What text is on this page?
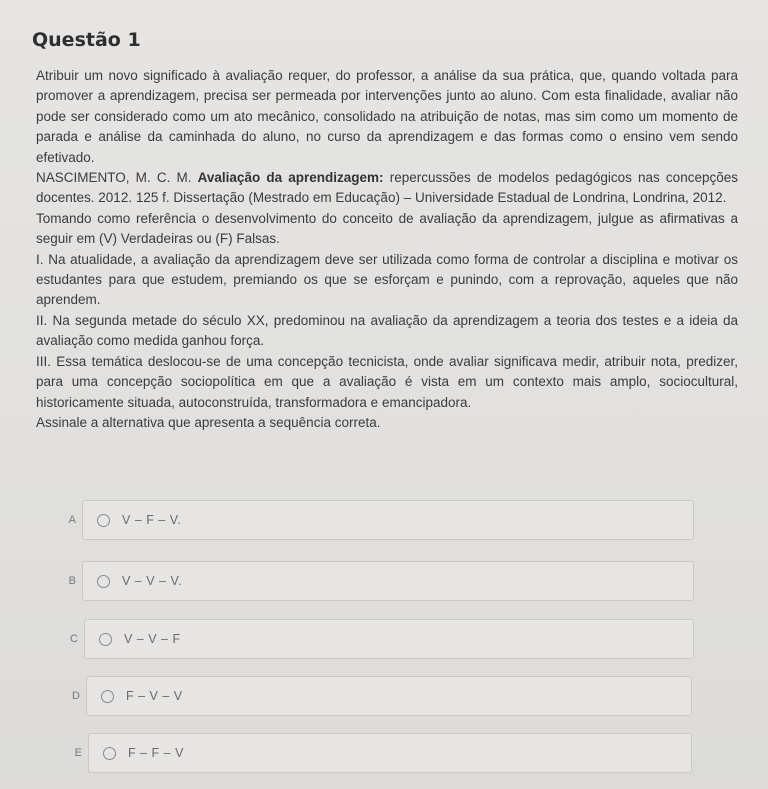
Questão 1

Atribuir um novo significado à avaliação requer, do professor, a análise da sua prática, que, quando voltada para promover a aprendizagem, precisa ser permeada por intervenções junto ao aluno. Com esta finalidade, avaliar não pode ser considerado como um ato mecânico, consolidado na atribuição de notas, mas sim como um momento de parada e análise da caminhada do aluno, no curso da aprendizagem e das formas como o ensino vem sendo efetivado.

NASCIMENTO, M. C. M. Avaliação da aprendizagem: repercussões de modelos pedagógicos nas concepções docentes. 2012. 125 f. Dissertação (Mestrado em Educação) – Universidade Estadual de Londrina, Londrina, 2012.

Tomando como referência o desenvolvimento do conceito de avaliação da aprendizagem, julgue as afirmativas a seguir em (V) Verdadeiras ou (F) Falsas.

I. Na atualidade, a avaliação da aprendizagem deve ser utilizada como forma de controlar a disciplina e motivar os estudantes para que estudem, premiando os que se esforçam e punindo, com a reprovação, aqueles que não aprendem.

II. Na segunda metade do século XX, predominou na avaliação da aprendizagem a teoria dos testes e a ideia da avaliação como medida ganhou força.

III. Essa temática deslocou-se de uma concepção tecnicista, onde avaliar significava medir, atribuir nota, predizer, para uma concepção sociopolítica em que a avaliação é vista em um contexto mais amplo, sociocultural, historicamente situada, autoconstruída, transformadora e emancipadora.

Assinale a alternativa que apresenta a sequência correta.

A	V – F – V.
B	V – V – V.
C	V – V – F
D	F – V – V
E	F – F – V
